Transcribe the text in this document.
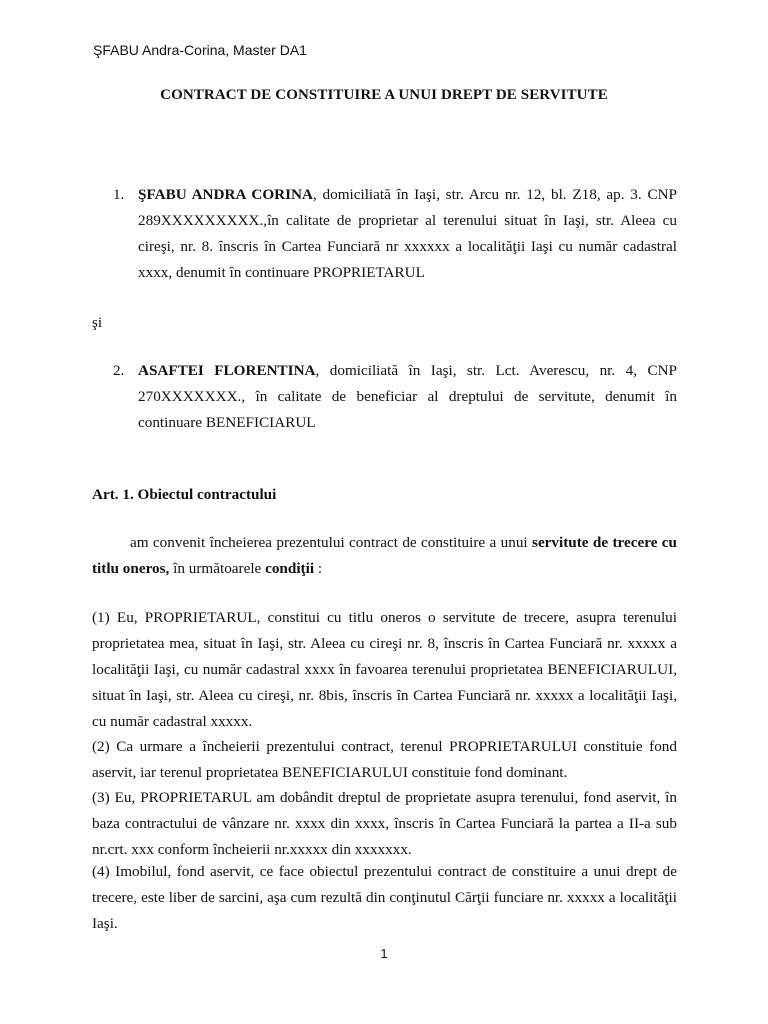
ŞFABU Andra-Corina, Master DA1
CONTRACT DE CONSTITUIRE A UNUI DREPT DE SERVITUTE
1. ŞFABU ANDRA CORINA, domiciliată în Iaşi, str. Arcu nr. 12, bl. Z18, ap. 3. CNP 289XXXXXXXXX.,în calitate de proprietar al terenului situat în Iaşi, str. Aleea cu cireşi, nr. 8. înscris în Cartea Funciară nr xxxxxx a localităţii Iaşi cu număr cadastral xxxx, denumit în continuare PROPRIETARUL
şi
2. ASAFTEI FLORENTINA, domiciliată în Iaşi, str. Lct. Averescu, nr. 4, CNP 270XXXXXXX., în calitate de beneficiar al dreptului de servitute, denumit în continuare BENEFICIARUL
Art. 1. Obiectul contractului
am convenit încheierea prezentului contract de constituire a unui servitute de trecere cu titlu oneros, în următoarele condiţii :
(1) Eu, PROPRIETARUL, constitui cu titlu oneros o servitute de trecere, asupra terenului proprietatea mea, situat în Iaşi, str. Aleea cu cireşi nr. 8, înscris în Cartea Funciară nr. xxxxx a localităţii Iaşi, cu număr cadastral xxxx în favoarea terenului proprietatea BENEFICIARULUI, situat în Iaşi, str. Aleea cu cireşi, nr. 8bis, înscris în Cartea Funciară nr. xxxxx a localităţii Iaşi, cu număr cadastral xxxxx.
(2) Ca urmare a încheierii prezentului contract, terenul PROPRIETARULUI constituie fond aservit, iar terenul proprietatea BENEFICIARULUI constituie fond dominant.
(3) Eu, PROPRIETARUL am dobândit dreptul de proprietate asupra terenului, fond aservit, în baza contractului de vânzare nr. xxxx din xxxx, înscris în Cartea Funciară la partea a II-a sub nr.crt. xxx conform încheierii nr.xxxxx din xxxxxxx.
(4) Imobilul, fond aservit, ce face obiectul prezentului contract de constituire a unui drept de trecere, este liber de sarcini, aşa cum rezultă din conţinutul Cărţii funciare nr. xxxxx a localităţii Iaşi.
1
